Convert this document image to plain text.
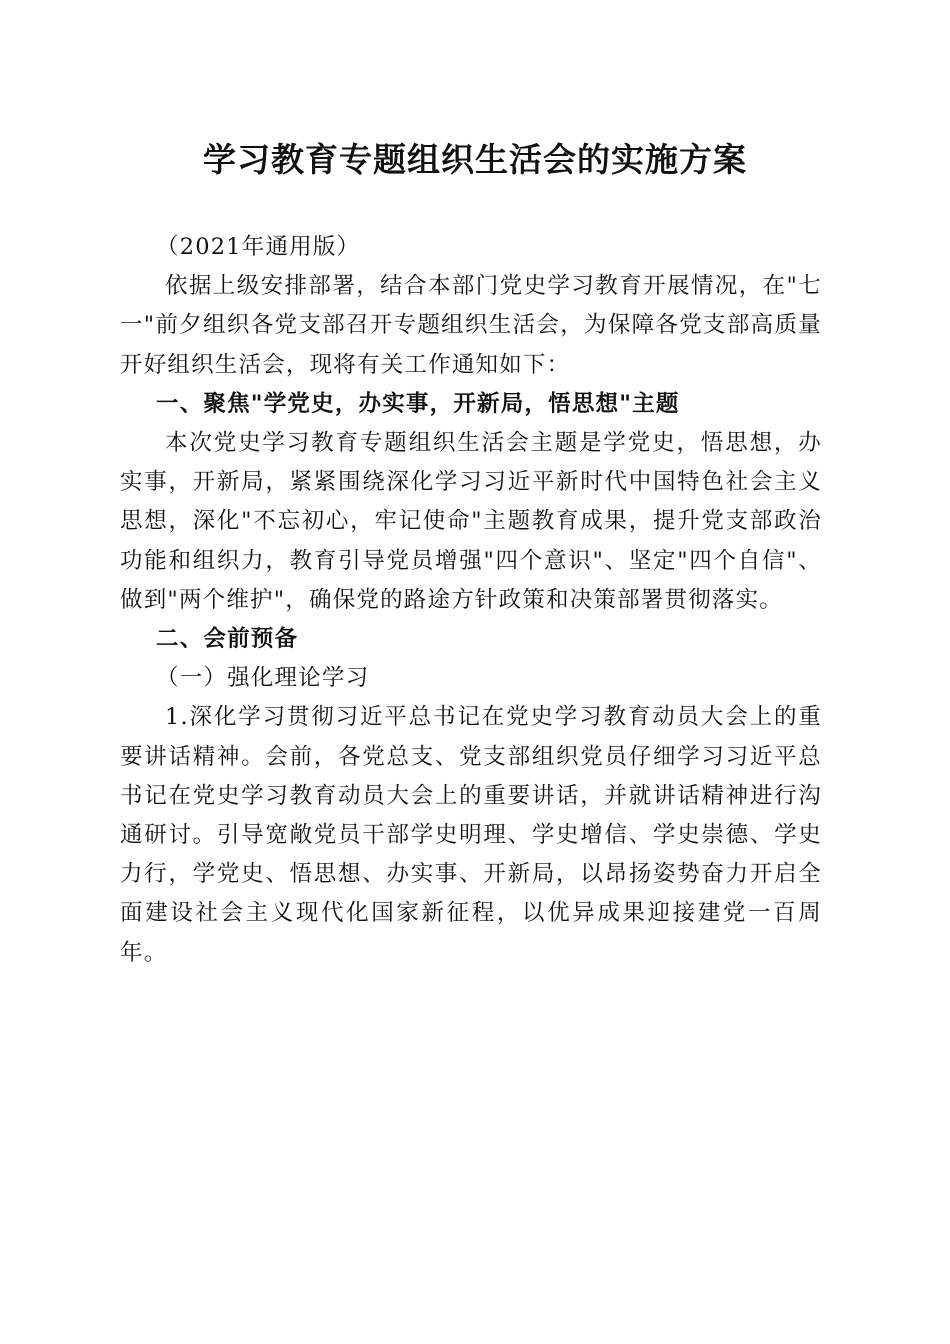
学习教育专题组织生活会的实施方案

（2021年通用版）

依据上级安排部署，结合本部门党史学习教育开展情况，在"七一"前夕组织各党支部召开专题组织生活会，为保障各党支部高质量开好组织生活会，现将有关工作通知如下：

一、聚焦"学党史，办实事，开新局，悟思想"主题

本次党史学习教育专题组织生活会主题是学党史，悟思想，办实事，开新局，紧紧围绕深化学习习近平新时代中国特色社会主义思想，深化"不忘初心，牢记使命"主题教育成果，提升党支部政治功能和组织力，教育引导党员增强"四个意识"、坚定"四个自信"、做到"两个维护"，确保党的路途方针政策和决策部署贯彻落实。

二、会前预备

（一）强化理论学习

1.深化学习贯彻习近平总书记在党史学习教育动员大会上的重要讲话精神。会前，各党总支、党支部组织党员仔细学习习近平总书记在党史学习教育动员大会上的重要讲话，并就讲话精神进行沟通研讨。引导宽敞党员干部学史明理、学史增信、学史崇德、学史力行，学党史、悟思想、办实事、开新局，以昂扬姿势奋力开启全面建设社会主义现代化国家新征程，以优异成果迎接建党一百周年。
